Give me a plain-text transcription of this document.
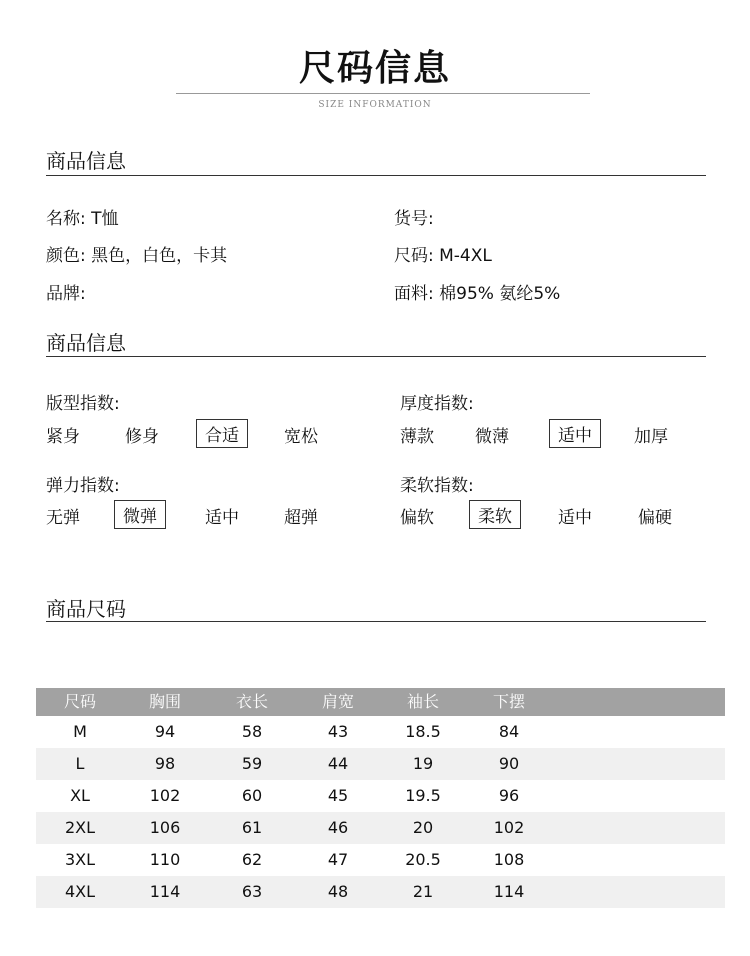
尺码信息
SIZE INFORMATION
商品信息
名称: T恤	货号:
颜色: 黑色，白色，卡其	尺码: M-4XL
品牌:	面料: 棉95% 氨纶5%
商品信息
版型指数:
紧身	修身	合适	宽松
厚度指数:
薄款 微薄	适中	加厚
弹力指数:
无弹	微弹	适中	超弹
柔软指数:
偏软	柔软	适中	偏硬
商品尺码
尺码	胸围	衣长	肩宽	袖长	下摆
M	94	58	43	18.5	84
L	98	59	44	19	90
XL	102	60	45	19.5	96
2XL	106	61	46	20	102
3XL	110	62	47	20.5	108
4XL	114	63	48	21	114
